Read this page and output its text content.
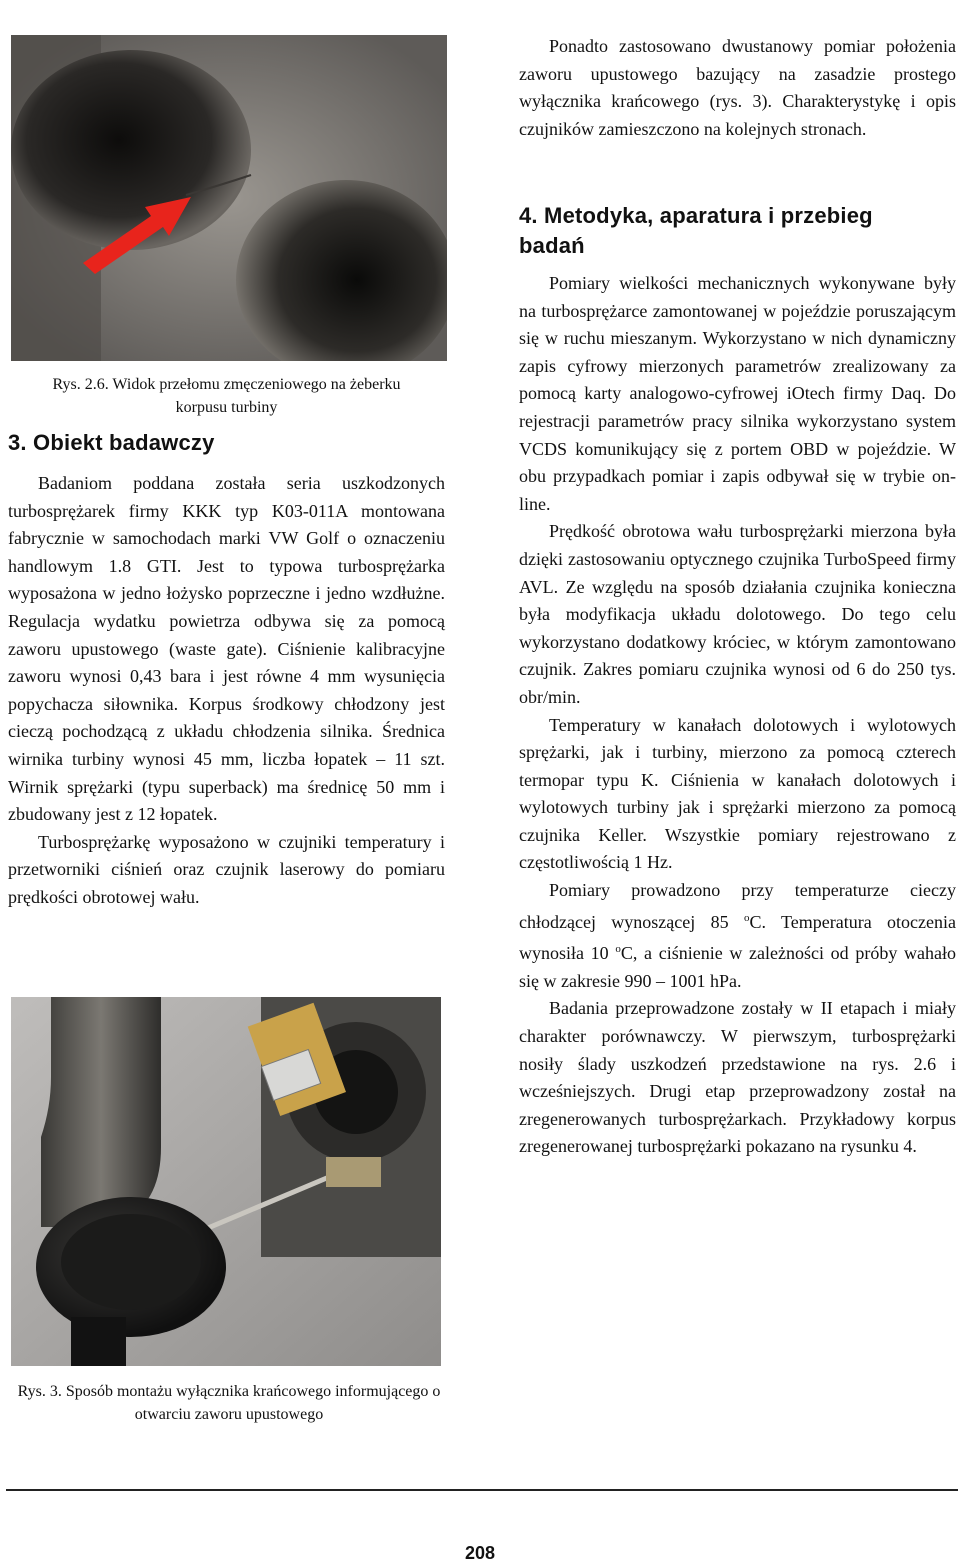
Rys. 2.6. Widok przełomu zmęczeniowego na żeberku
korpusu turbiny
3. Obiekt badawczy

Badaniom poddana została seria uszkodzonych turbosprężarek firmy KKK typ K03-011A montowana fabrycznie w samochodach marki VW Golf o oznaczeniu handlowym 1.8 GTI. Jest to typowa turbosprężarka wyposażona w jedno łożysko poprzeczne i jedno wzdłużne. Regulacja wydatku powietrza odbywa się za pomocą zaworu upustowego (waste gate). Ciśnienie kalibracyjne zaworu wynosi 0,43 bara i jest równe 4 mm wysunięcia popychacza siłownika. Korpus środkowy chłodzony jest cieczą pochodzącą z układu chłodzenia silnika. Średnica wirnika turbiny wynosi 45 mm, liczba łopatek – 11 szt. Wirnik sprężarki (typu superback) ma średnicę 50 mm i zbudowany jest z 12 łopatek.

Turbosprężarkę wyposażono w czujniki temperatury i przetworniki ciśnień oraz czujnik laserowy do pomiaru prędkości obrotowej wału.

Rys. 3. Sposób montażu wyłącznika krańcowego informującego o otwarciu zaworu upustowego

Ponadto zastosowano dwustanowy pomiar położenia zaworu upustowego bazujący na zasadzie prostego wyłącznika krańcowego (rys. 3). Charakterystykę i opis czujników zamieszczono na kolejnych stronach.

4. Metodyka, aparatura i przebieg badań

Pomiary wielkości mechanicznych wykonywane były na turbosprężarce zamontowanej w pojeździe poruszającym się w ruchu mieszanym. Wykorzystano w nich dynamiczny zapis cyfrowy mierzonych parametrów zrealizowany za pomocą karty analogowo-cyfrowej iOtech firmy Daq. Do rejestracji parametrów pracy silnika wykorzystano system VCDS komunikujący się z portem OBD w pojeździe. W obu przypadkach pomiar i zapis odbywał się w trybie on-line.

Prędkość obrotowa wału turbosprężarki mierzona była dzięki zastosowaniu optycznego czujnika TurboSpeed firmy AVL. Ze względu na sposób działania czujnika konieczna była modyfikacja układu dolotowego. Do tego celu wykorzystano dodatkowy króciec, w którym zamontowano czujnik. Zakres pomiaru czujnika wynosi od 6 do 250 tys. obr/min.

Temperatury w kanałach dolotowych i wylotowych sprężarki, jak i turbiny, mierzono za pomocą czterech termopar typu K. Ciśnienia w kanałach dolotowych i wylotowych turbiny jak i sprężarki mierzono za pomocą czujnika Keller. Wszystkie pomiary rejestrowano z częstotliwością 1 Hz.

Pomiary prowadzono przy temperaturze cieczy chłodzącej wynoszącej 85 $^o$C. Temperatura otoczenia wynosiła 10 $^o$C, a ciśnienie w zależności od próby wahało się w zakresie 990 – 1001 hPa.

Badania przeprowadzone zostały w II etapach i miały charakter porównawczy. W pierwszym, turbosprężarki nosiły ślady uszkodzeń przedstawione na rys. 2.6 i wcześniejszych. Drugi etap przeprowadzony został na zregenerowanych turbosprężarkach. Przykładowy korpus zregenerowanej turbosprężarki pokazano na rysunku 4.

208
